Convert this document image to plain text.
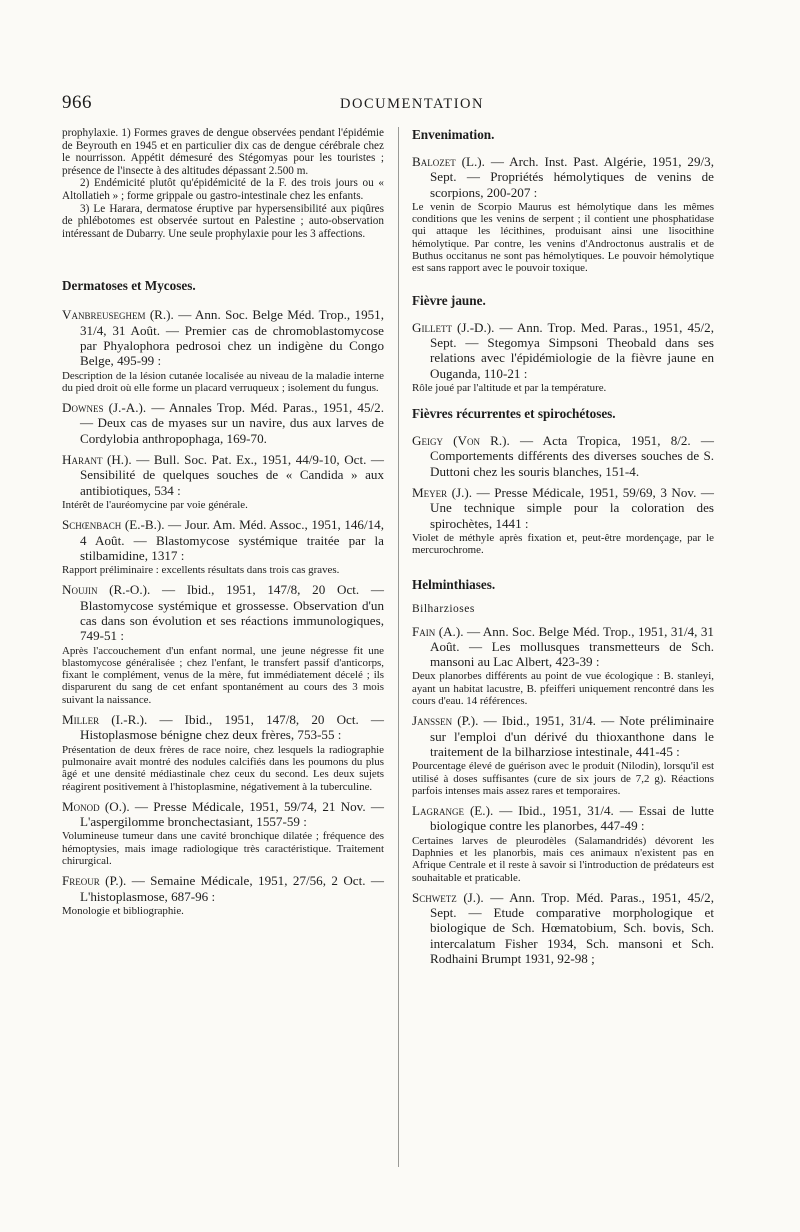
966	DOCUMENTATION

prophylaxie. 1) Formes graves de dengue observées pendant l'épidémie de Beyrouth en 1945 et en particulier dix cas de dengue cérébrale chez le nourrisson. Appétit démesuré des Stégomyas pour les touristes ; présence de l'insecte à des altitudes dépassant 2.500 m.

2) Endémicité plutôt qu'épidémicité de la F. des trois jours ou « Altollatieh » ; forme grippale ou gastro-intestinale chez les enfants.

3) Le Harara, dermatose éruptive par hypersensibilité aux piqûres de phlébotomes est observée surtout en Palestine ; auto-observation intéressant de Dubarry. Une seule prophylaxie pour les 3 affections.

Dermatoses et Mycoses.
Vanbreuseghem (R.). — Ann. Soc. Belge Méd. Trop., 1951, 31/4, 31 Août. — Premier cas de chromoblastomycose par Phyalophora pedrosoi chez un indigène du Congo Belge, 495-99 :
Description de la lésion cutanée localisée au niveau de la maladie interne du pied droit où elle forme un placard verruqueux ; isolement du fungus.
Downes (J.-A.). — Annales Trop. Méd. Paras., 1951, 45/2. — Deux cas de myases sur un navire, dus aux larves de Cordylobia anthropophaga, 169-70.
Harant (H.). — Bull. Soc. Pat. Ex., 1951, 44/9-10, Oct. — Sensibilité de quelques souches de « Candida » aux antibiotiques, 534 :
Intérêt de l'auréomycine par voie générale.
Schœnbach (E.-B.). — Jour. Am. Méd. Assoc., 1951, 146/14, 4 Août. — Blastomycose systémique traitée par la stilbamidine, 1317 :
Rapport préliminaire : excellents résultats dans trois cas graves.
Noujin (R.-O.). — Ibid., 1951, 147/8, 20 Oct. — Blastomycose systémique et grossesse. Observation d'un cas dans son évolution et ses réactions immunologiques, 749-51 :
Après l'accouchement d'un enfant normal, une jeune négresse fit une blastomycose généralisée ; chez l'enfant, le transfert passif d'anticorps, fixant le complément, venus de la mère, fut immédiatement décelé ; ils disparurent du sang de cet enfant spontanément au cours des 3 mois suivant la naissance.
Miller (I.-R.). — Ibid., 1951, 147/8, 20 Oct. — Histoplasmose bénigne chez deux frères, 753-55 :
Présentation de deux frères de race noire, chez lesquels la radiographie pulmonaire avait montré des nodules calcifiés dans les poumons du plus âgé et une densité médiastinale chez ceux du second. Les deux sujets réagirent positivement à l'histoplasmine, négativement à la tuberculine.
Monod (O.). — Presse Médicale, 1951, 59/74, 21 Nov. — L'aspergilomme bronchectasiant, 1557-59 :
Volumineuse tumeur dans une cavité bronchique dilatée ; fréquence des hémoptysies, mais image radiologique très caractéristique. Traitement chirurgical.
Freour (P.). — Semaine Médicale, 1951, 27/56, 2 Oct. — L'histoplasmose, 687-96 :
Monologie et bibliographie.
Envenimation.
Balozet (L.). — Arch. Inst. Past. Algérie, 1951, 29/3, Sept. — Propriétés hémolytiques de venins de scorpions, 200-207 :
Le venin de Scorpio Maurus est hémolytique dans les mêmes conditions que les venins de serpent ; il contient une phosphatidase qui attaque les lécithines, produisant ainsi une lisocithine hémolytique. Par contre, les venins d'Androctonus australis et de Buthus occitanus ne sont pas hémolytiques. Le pouvoir hémolytique est sans rapport avec le pouvoir toxique.
Fièvre jaune.
Gillett (J.-D.). — Ann. Trop. Med. Paras., 1951, 45/2, Sept. — Stegomya Simpsoni Theobald dans ses relations avec l'épidémiologie de la fièvre jaune en Ouganda, 110-21 :
Rôle joué par l'altitude et par la température.
Fièvres récurrentes et spirochétoses.
Geigy (Von R.). — Acta Tropica, 1951, 8/2. — Comportements différents des diverses souches de S. Duttoni chez les souris blanches, 151-4.
Meyer (J.). — Presse Médicale, 1951, 59/69, 3 Nov. — Une technique simple pour la coloration des spirochètes, 1441 :
Violet de méthyle après fixation et, peut-être mordençage, par le mercurochrome.
Helminthiases.
Bilharzioses
Fain (A.). — Ann. Soc. Belge Méd. Trop., 1951, 31/4, 31 Août. — Les mollusques transmetteurs de Sch. mansoni au Lac Albert, 423-39 :
Deux planorbes différents au point de vue écologique : B. stanleyi, ayant un habitat lacustre, B. pfeifferi uniquement rencontré dans les cours d'eau. 14 références.
Janssen (P.). — Ibid., 1951, 31/4. — Note préliminaire sur l'emploi d'un dérivé du thioxanthone dans le traitement de la bilharziose intestinale, 441-45 :
Pourcentage élevé de guérison avec le produit (Nilodin), lorsqu'il est utilisé à doses suffisantes (cure de six jours de 7,2 g). Réactions parfois intenses mais assez rares et temporaires.
Lagrange (E.). — Ibid., 1951, 31/4. — Essai de lutte biologique contre les planorbes, 447-49 :
Certaines larves de pleurodèles (Salamandridés) dévorent les Daphnies et les planorbis, mais ces animaux n'existent pas en Afrique Centrale et il reste à savoir si l'introduction de prédateurs est souhaitable et praticable.
Schwetz (J.). — Ann. Trop. Méd. Paras., 1951, 45/2, Sept. — Etude comparative morphologique et biologique de Sch. Hœmatobium, Sch. bovis, Sch. intercalatum Fisher 1934, Sch. mansoni et Sch. Rodhaini Brumpt 1931, 92-98 ;
